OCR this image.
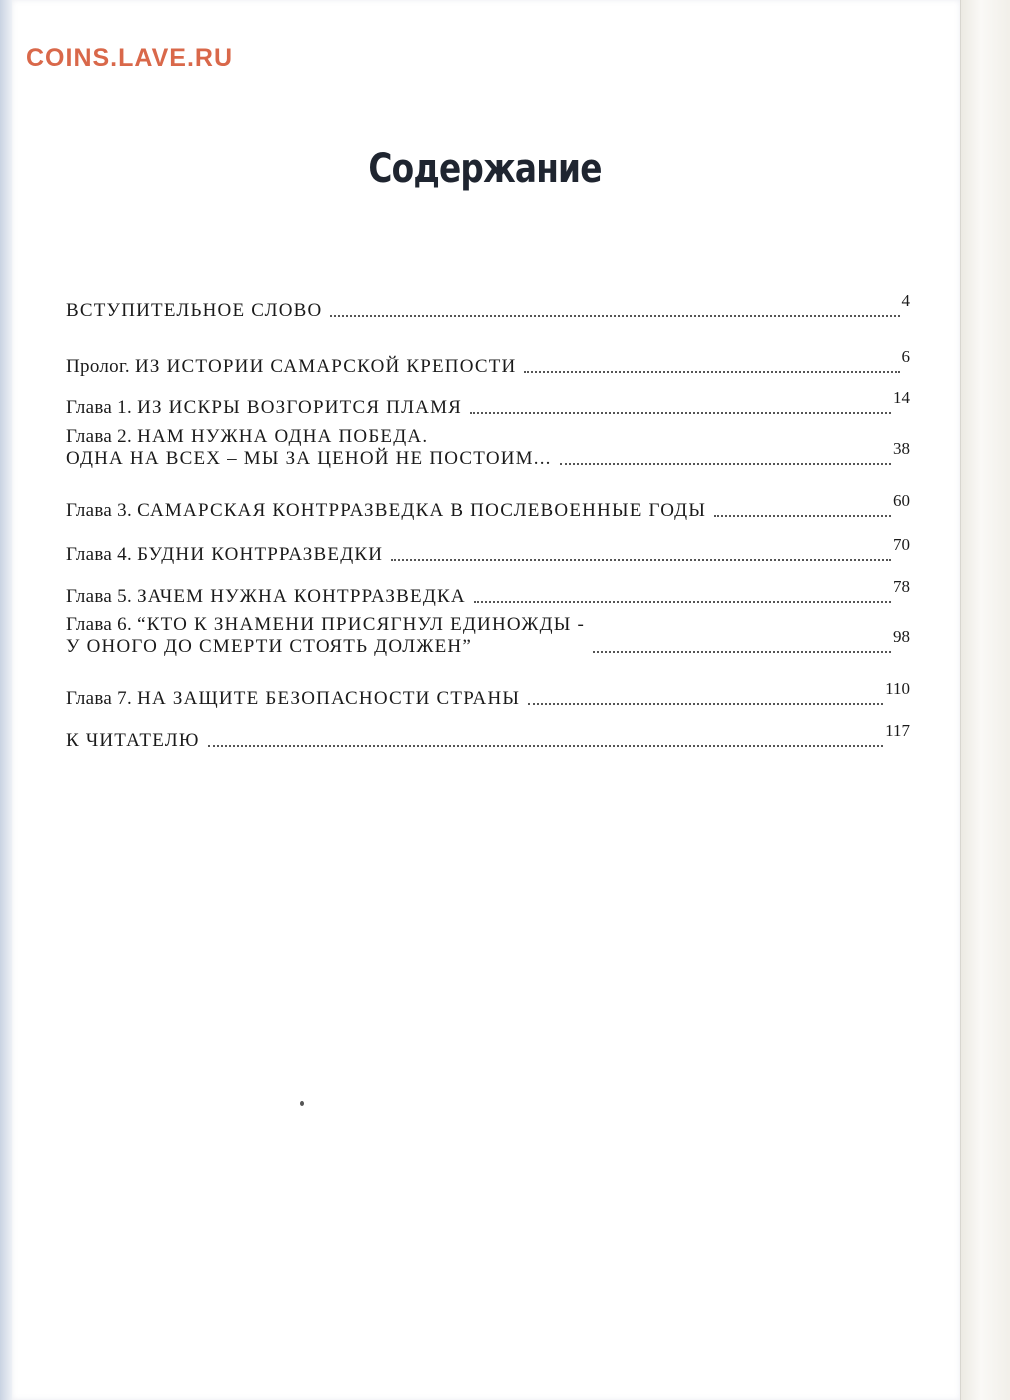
COINS.LAVE.RU
Содержание
ВСТУПИТЕЛЬНОЕ СЛОВО	4
Пролог. ИЗ ИСТОРИИ САМАРСКОЙ КРЕПОСТИ	6
Глава 1. ИЗ ИСКРЫ ВОЗГОРИТСЯ ПЛАМЯ	14
Глава 2. НАМ НУЖНА ОДНА ПОБЕДА.
ОДНА НА ВСЕХ – МЫ ЗА ЦЕНОЙ НЕ ПОСТОИМ...	38
Глава 3. САМАРСКАЯ КОНТРРАЗВЕДКА В ПОСЛЕВОЕННЫЕ ГОДЫ	60
Глава 4. БУДНИ КОНТРРАЗВЕДКИ	70
Глава 5. ЗАЧЕМ НУЖНА КОНТРРАЗВЕДКА	78
Глава 6. “КТО К ЗНАМЕНИ ПРИСЯГНУЛ ЕДИНОЖДЫ -
У ОНОГО ДО СМЕРТИ СТОЯТЬ ДОЛЖЕН”	98
Глава 7. НА ЗАЩИТЕ БЕЗОПАСНОСТИ СТРАНЫ	110
К ЧИТАТЕЛЮ	117
